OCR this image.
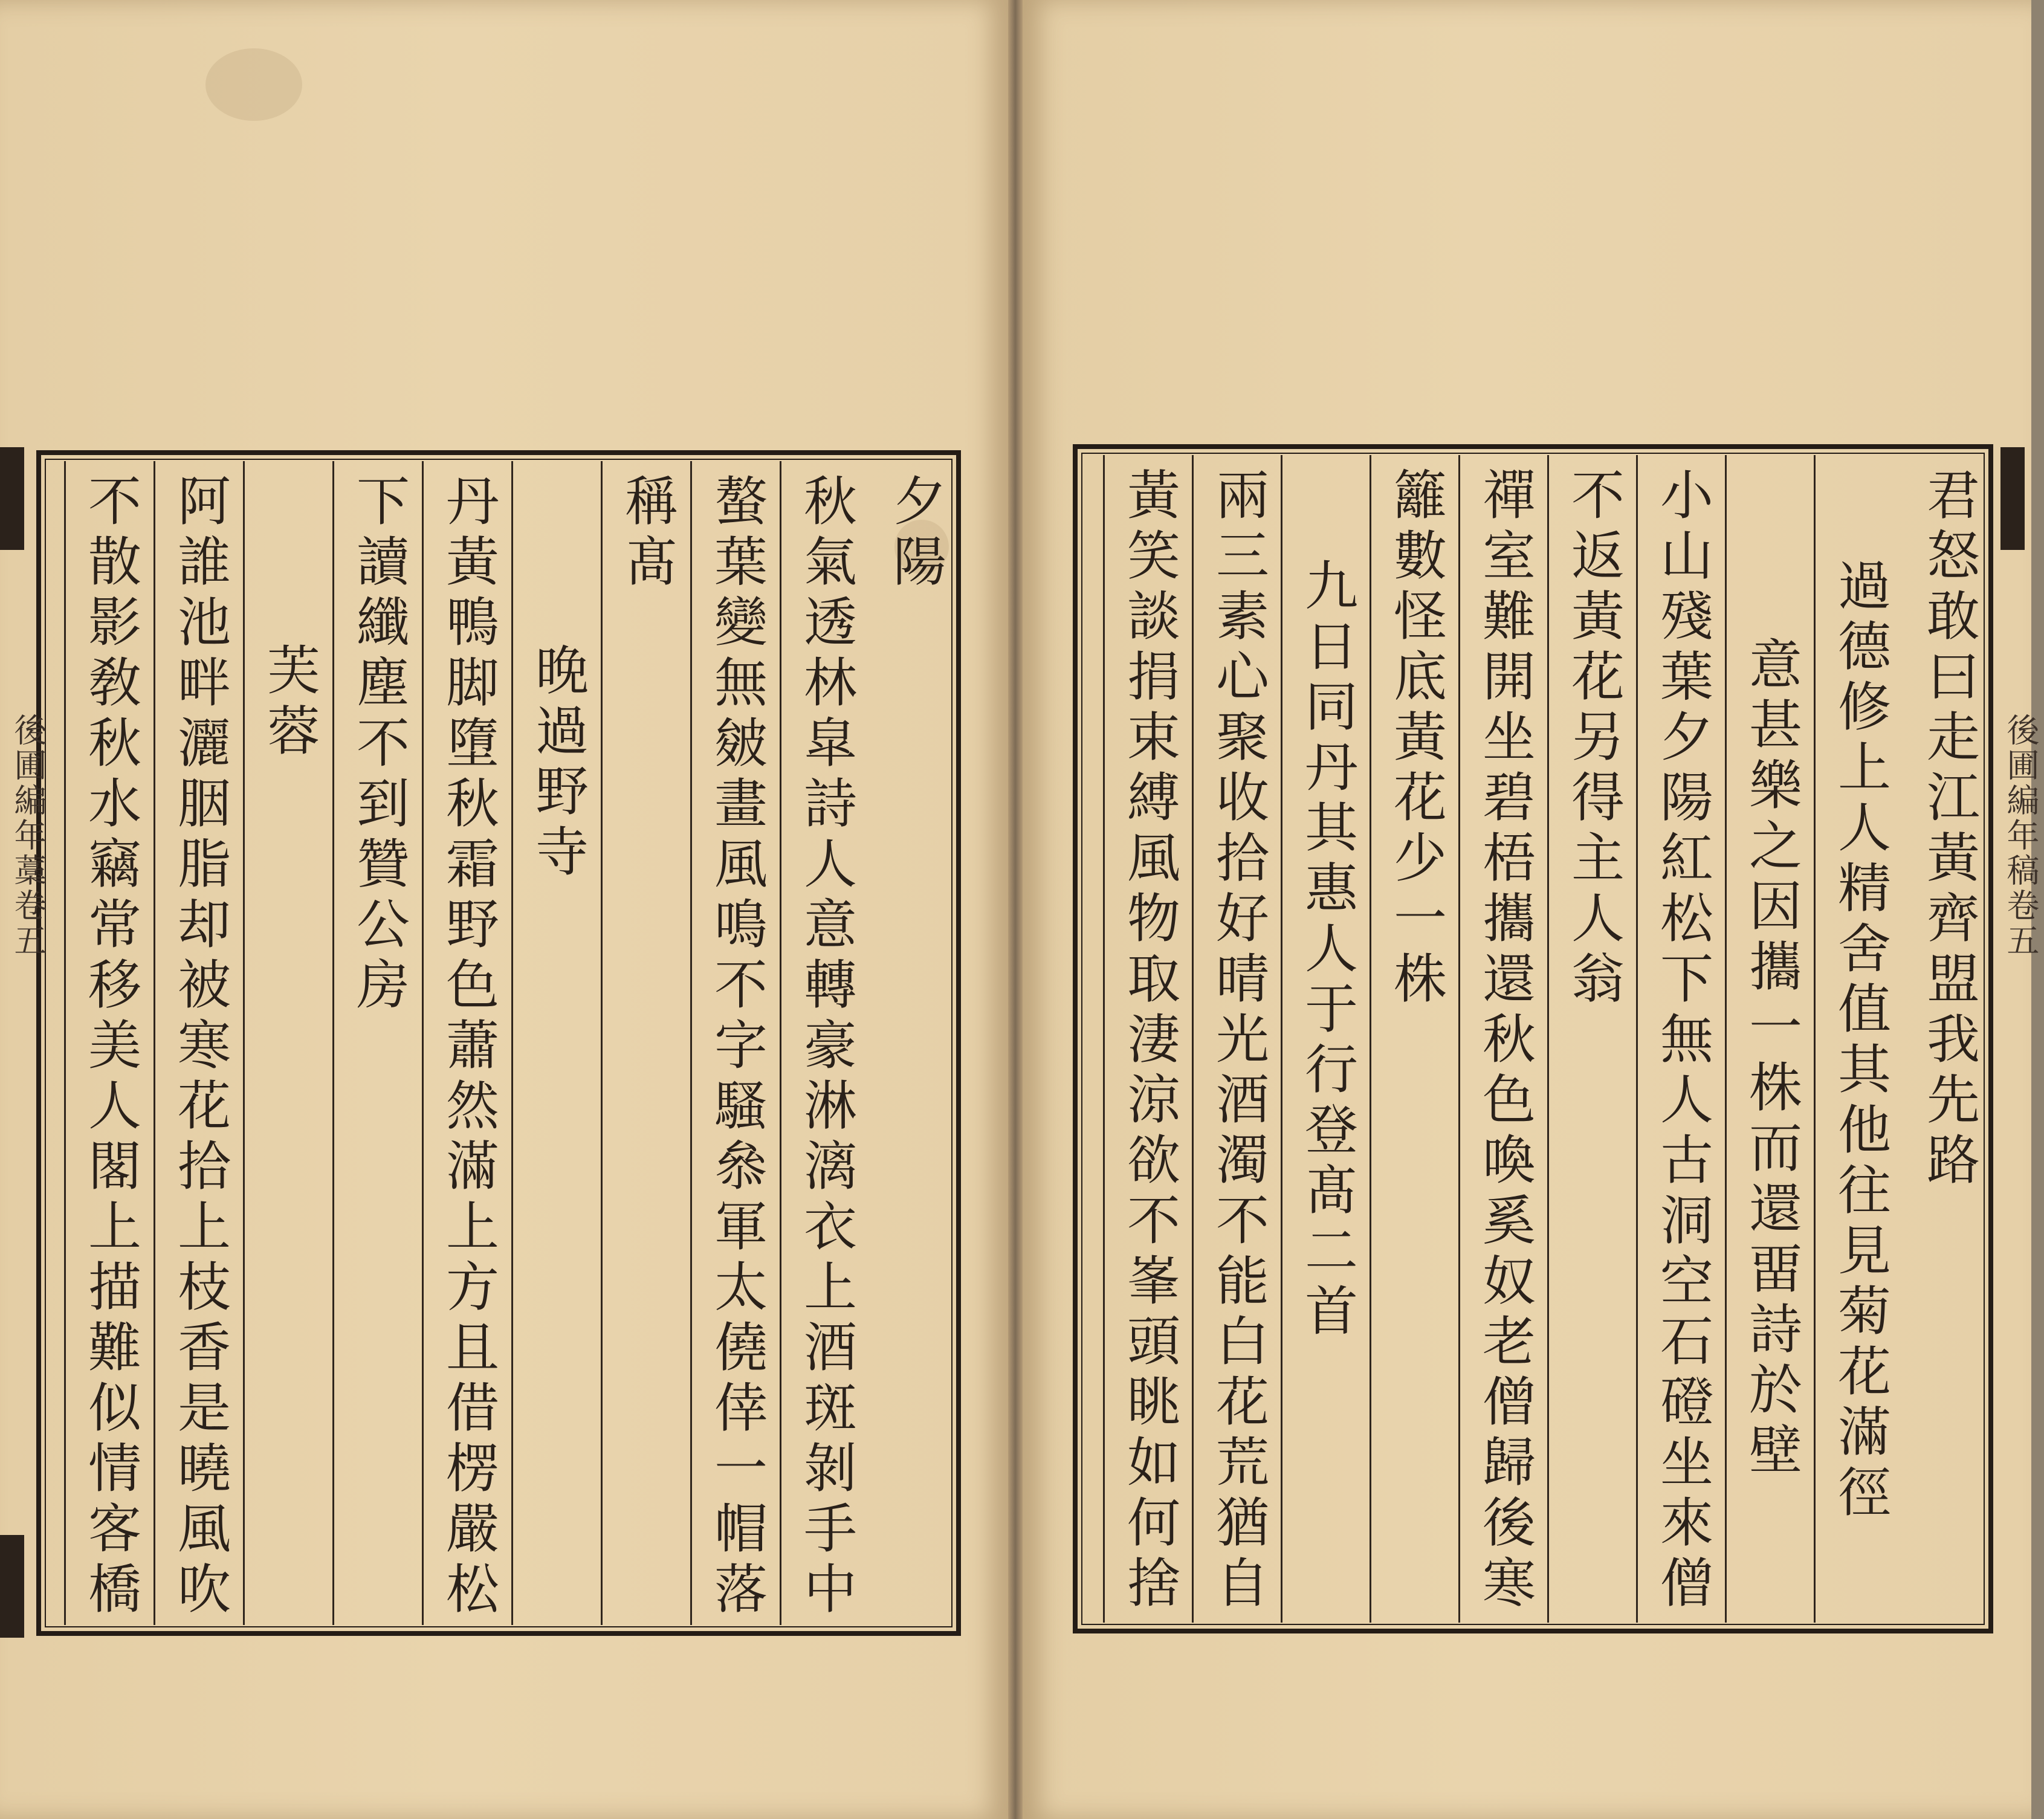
夕陽
秋氣透林皐詩人意轉豪淋漓衣上酒斑剝手中
螯葉變無皴畫風鳴不字騷叅軍太僥倖一帽落
稱髙
晚過野寺
丹黃鴨脚墮秋霜野色蕭然滿上方且借楞嚴松
下讀纖塵不到贊公房
芙蓉
阿誰池畔灑胭脂却被寒花拾上枝香是曉風吹
不散影敎秋水竊常移美人閣上描難似情客橋
後圃編年藁卷五	君怒敢曰走江黃齊盟我先路
過德修上人精舍值其他往見菊花滿徑
意甚樂之因攜一株而還畱詩於壁
小山殘葉夕陽紅松下無人古洞空石磴坐來僧
不返黃花另得主人翁
禪室難開坐碧梧攜還秋色喚奚奴老僧歸後寒
籬數怪底黃花少一株
九日同丹其惠人于行登髙二首
兩三素心聚收拾好晴光酒濁不能白花荒猶自
黃笑談捐束縛風物取淒涼欲不峯頭眺如何捨	後圃編年稿卷五
